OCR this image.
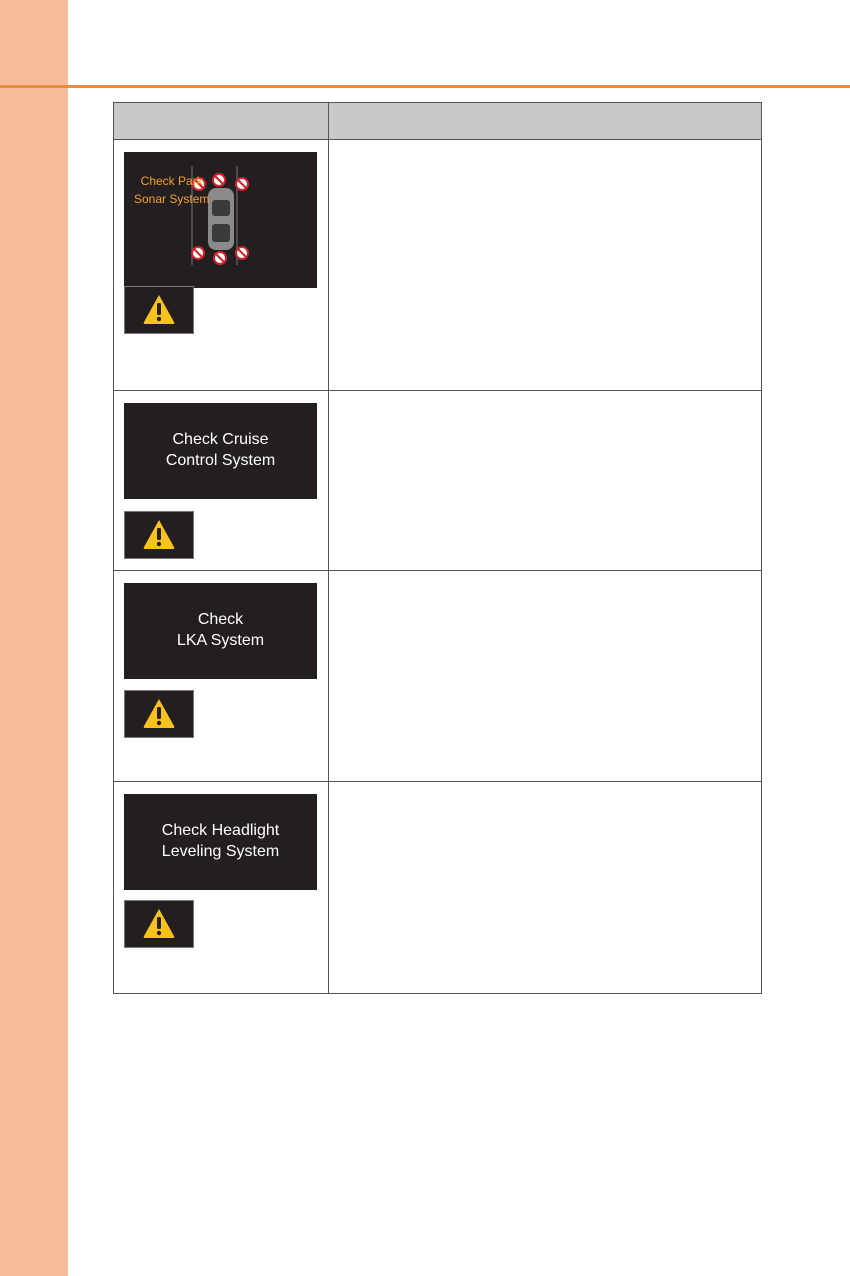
Check Park
Sonar System	

Check Cruise
Control System	

Check
LKA System	

Check Headlight
Leveling System	
